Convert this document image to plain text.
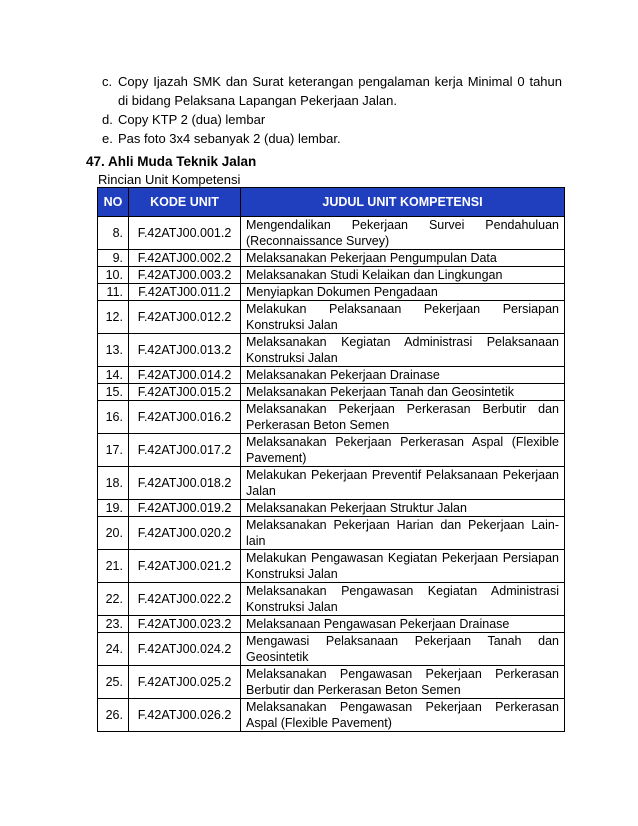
c. Copy Ijazah SMK dan Surat keterangan pengalaman kerja Minimal 0 tahun di bidang Pelaksana Lapangan Pekerjaan Jalan.
d. Copy KTP 2 (dua) lembar
e. Pas foto 3x4 sebanyak 2 (dua) lembar.
47. Ahli Muda Teknik Jalan
Rincian Unit Kompetensi
NO	KODE UNIT	JUDUL UNIT KOMPETENSI
8.	F.42ATJ00.001.2	Mengendalikan Pekerjaan Survei Pendahuluan (Reconnaissance Survey)
9.	F.42ATJ00.002.2	Melaksanakan Pekerjaan Pengumpulan Data
10.	F.42ATJ00.003.2	Melaksanakan Studi Kelaikan dan Lingkungan
11.	F.42ATJ00.011.2	Menyiapkan Dokumen Pengadaan
12.	F.42ATJ00.012.2	Melakukan Pelaksanaan Pekerjaan Persiapan Konstruksi Jalan
13.	F.42ATJ00.013.2	Melaksanakan Kegiatan Administrasi Pelaksanaan Konstruksi Jalan
14.	F.42ATJ00.014.2	Melaksanakan Pekerjaan Drainase
15.	F.42ATJ00.015.2	Melaksanakan Pekerjaan Tanah dan Geosintetik
16.	F.42ATJ00.016.2	Melaksanakan Pekerjaan Perkerasan Berbutir dan Perkerasan Beton Semen
17.	F.42ATJ00.017.2	Melaksanakan Pekerjaan Perkerasan Aspal (Flexible Pavement)
18.	F.42ATJ00.018.2	Melakukan Pekerjaan Preventif Pelaksanaan Pekerjaan Jalan
19.	F.42ATJ00.019.2	Melaksanakan Pekerjaan Struktur Jalan
20.	F.42ATJ00.020.2	Melaksanakan Pekerjaan Harian dan Pekerjaan Lain-lain
21.	F.42ATJ00.021.2	Melakukan Pengawasan Kegiatan Pekerjaan Persiapan Konstruksi Jalan
22.	F.42ATJ00.022.2	Melaksanakan Pengawasan Kegiatan Administrasi Konstruksi Jalan
23.	F.42ATJ00.023.2	Melaksanaan Pengawasan Pekerjaan Drainase
24.	F.42ATJ00.024.2	Mengawasi Pelaksanaan Pekerjaan Tanah dan Geosintetik
25.	F.42ATJ00.025.2	Melaksanakan Pengawasan Pekerjaan Perkerasan Berbutir dan Perkerasan Beton Semen
26.	F.42ATJ00.026.2	Melaksanakan Pengawasan Pekerjaan Perkerasan Aspal (Flexible Pavement)
